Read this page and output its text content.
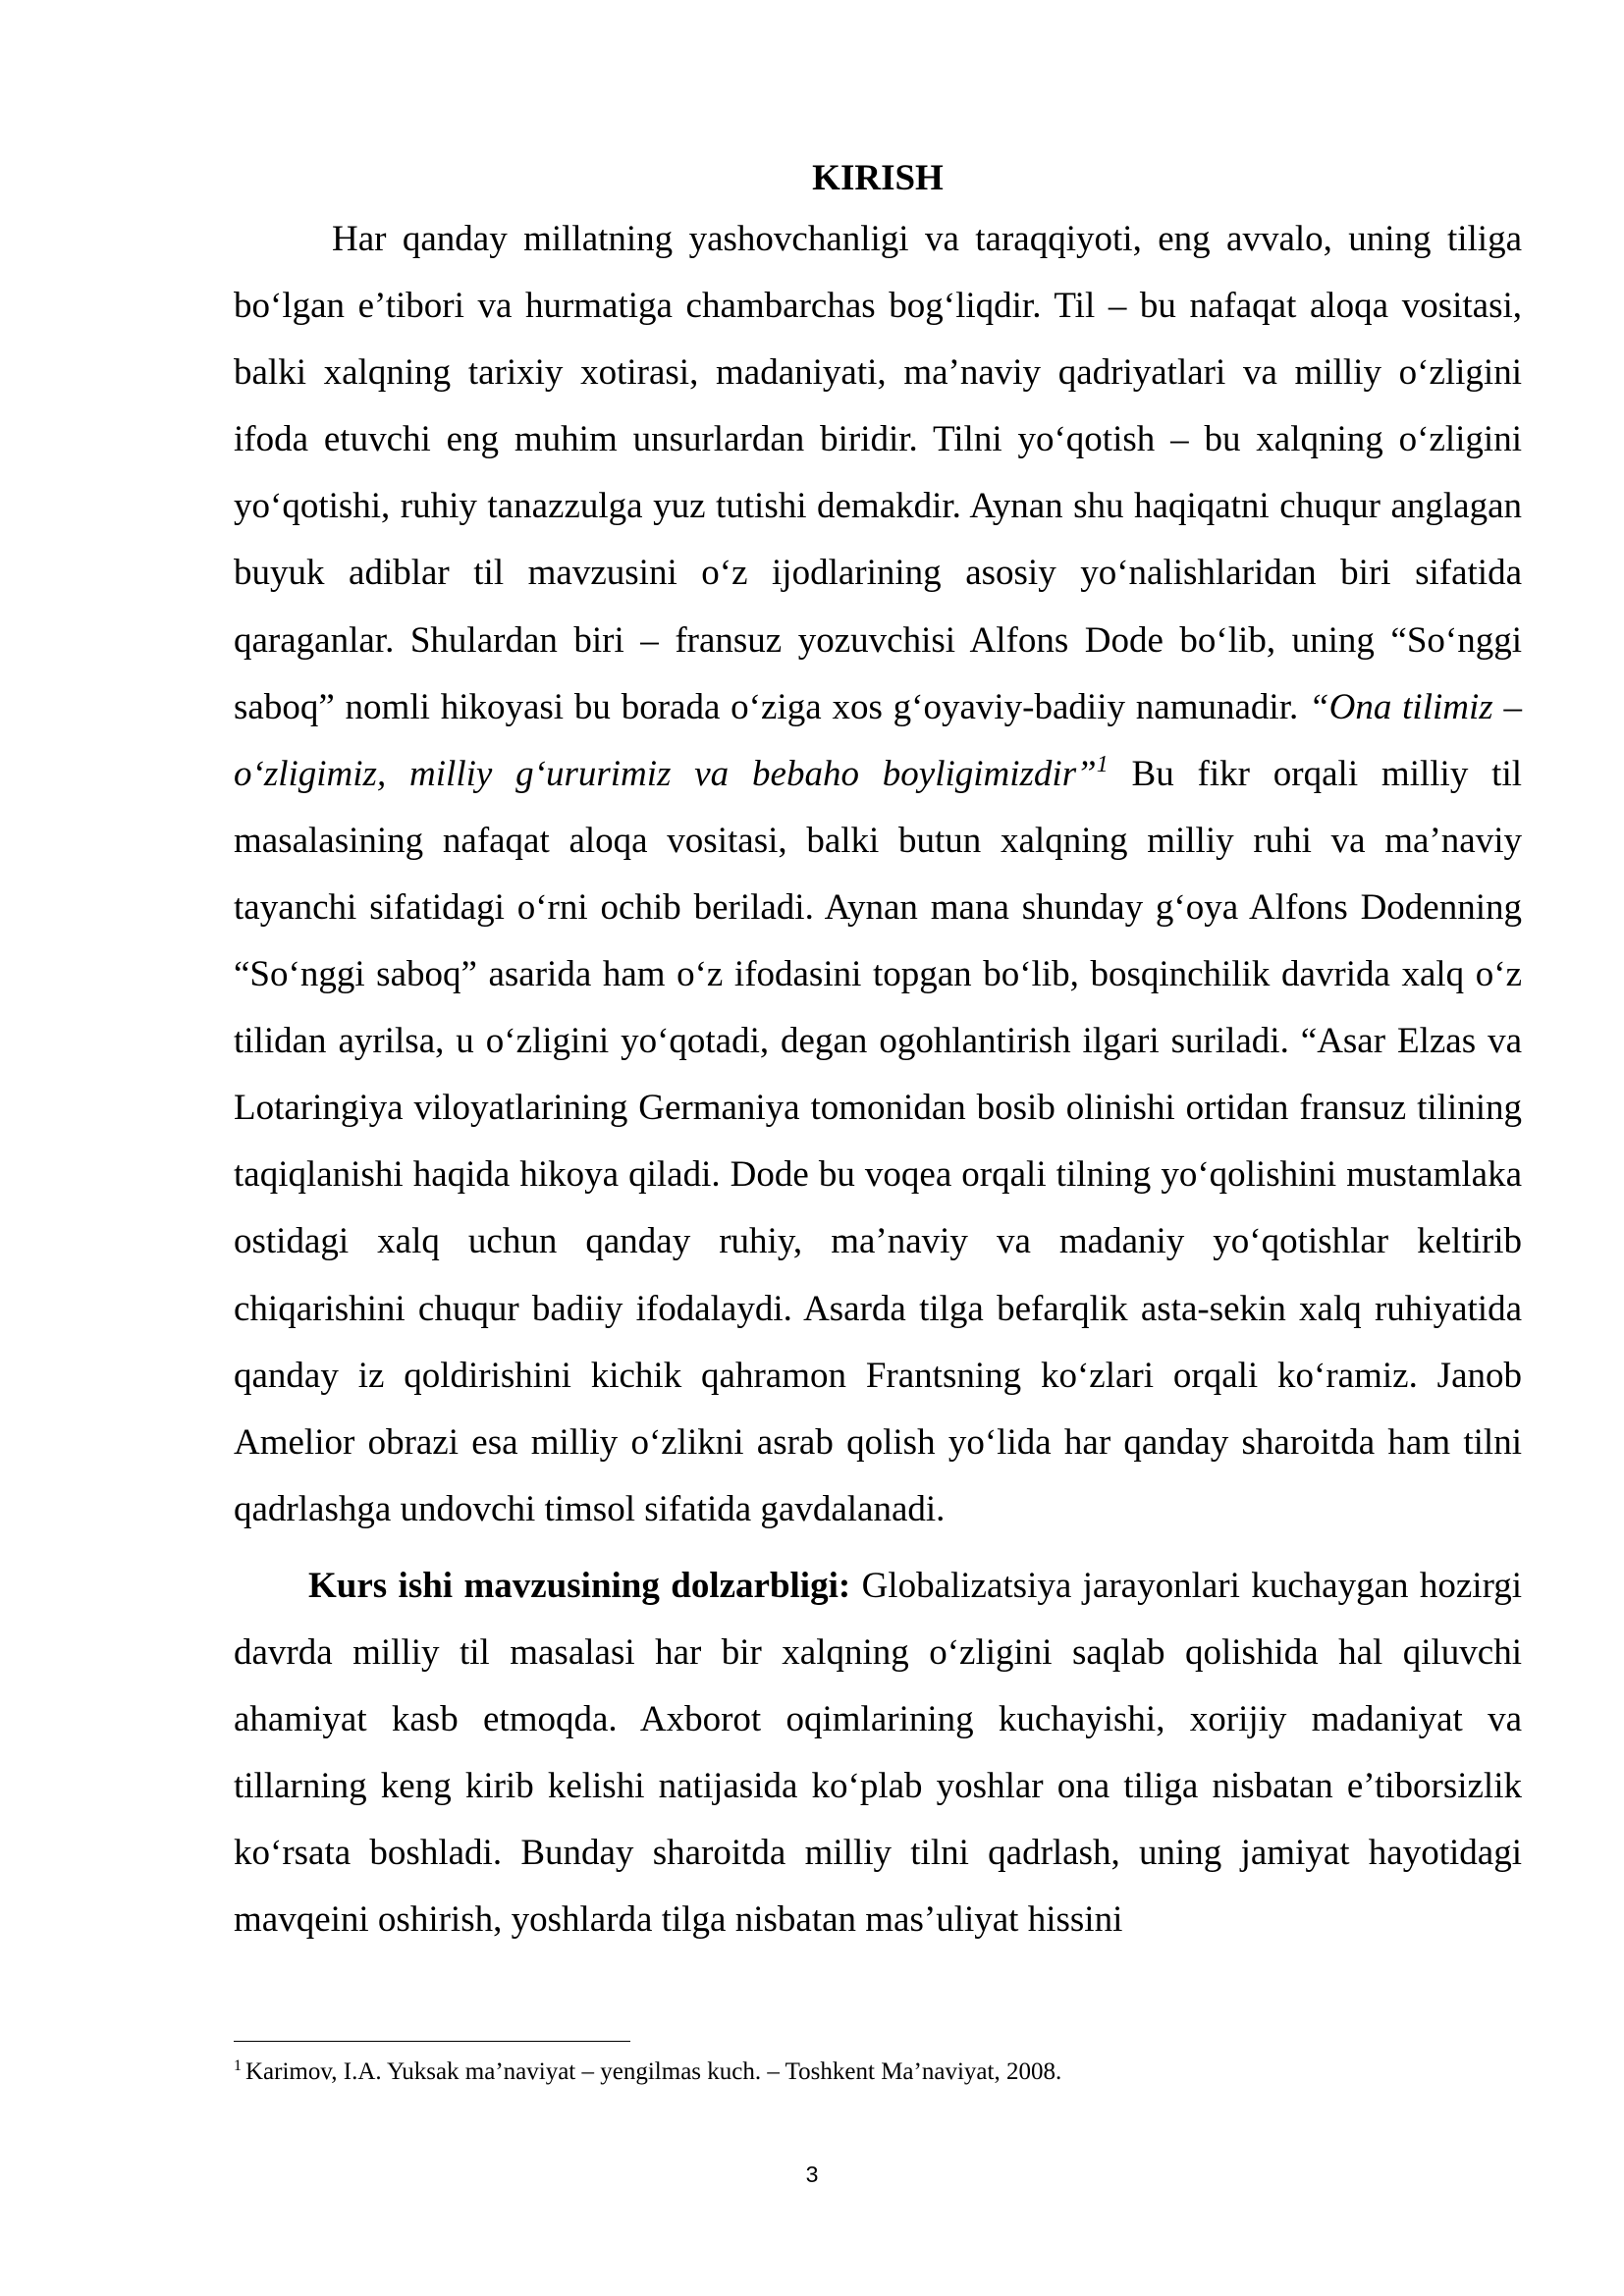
KIRISH

Har qanday millatning yashovchanligi va taraqqiyoti, eng avvalo, uning tiliga bo‘lgan e’tibori va hurmatiga chambarchas bog‘liqdir. Til – bu nafaqat aloqa vositasi, balki xalqning tarixiy xotirasi, madaniyati, ma’naviy qadriyatlari va milliy o‘zligini ifoda etuvchi eng muhim unsurlardan biridir. Tilni yo‘qotish – bu xalqning o‘zligini yo‘qotishi, ruhiy tanazzulga yuz tutishi demakdir. Aynan shu haqiqatni chuqur anglagan buyuk adiblar til mavzusini o‘z ijodlarining asosiy yo‘nalishlaridan biri sifatida qaraganlar. Shulardan biri – fransuz yozuvchisi Alfons Dode bo‘lib, uning “So‘nggi saboq” nomli hikoyasi bu borada o‘ziga xos g‘oyaviy-badiiy namunadir. “Ona tilimiz – o‘zligimiz, milliy g‘ururimiz va bebaho boyligimizdir”$^1$ Bu fikr orqali milliy til masalasining nafaqat aloqa vositasi, balki butun xalqning milliy ruhi va ma’naviy tayanchi sifatidagi o‘rni ochib beriladi. Aynan mana shunday g‘oya Alfons Dodenning “So‘nggi saboq” asarida ham o‘z ifodasini topgan bo‘lib, bosqinchilik davrida xalq o‘z tilidan ayrilsa, u o‘zligini yo‘qotadi, degan ogohlantirish ilgari suriladi. “Asar Elzas va Lotaringiya viloyatlarining Germaniya tomonidan bosib olinishi ortidan fransuz tilining taqiqlanishi haqida hikoya qiladi. Dode bu voqea orqali tilning yo‘qolishini mustamlaka ostidagi xalq uchun qanday ruhiy, ma’naviy va madaniy yo‘qotishlar keltirib chiqarishini chuqur badiiy ifodalaydi. Asarda tilga befarqlik asta-sekin xalq ruhiyatida qanday iz qoldirishini kichik qahramon Frantsning ko‘zlari orqali ko‘ramiz. Janob Amelior obrazi esa milliy o‘zlikni asrab qolish yo‘lida har qanday sharoitda ham tilni qadrlashga undovchi timsol sifatida gavdalanadi.

Kurs ishi mavzusining dolzarbligi: Globalizatsiya jarayonlari kuchaygan hozirgi davrda milliy til masalasi har bir xalqning o‘zligini saqlab qolishida hal qiluvchi ahamiyat kasb etmoqda. Axborot oqimlarining kuchayishi, xorijiy madaniyat va tillarning keng kirib kelishi natijasida ko‘plab yoshlar ona tiliga nisbatan e’tiborsizlik ko‘rsata boshladi. Bunday sharoitda milliy tilni qadrlash, uning jamiyat hayotidagi mavqeini oshirish, yoshlarda tilga nisbatan mas’uliyat hissini

$^1$ Karimov, I.A. Yuksak ma’naviyat – yengilmas kuch. – Toshkent Ma’naviyat, 2008.

3
